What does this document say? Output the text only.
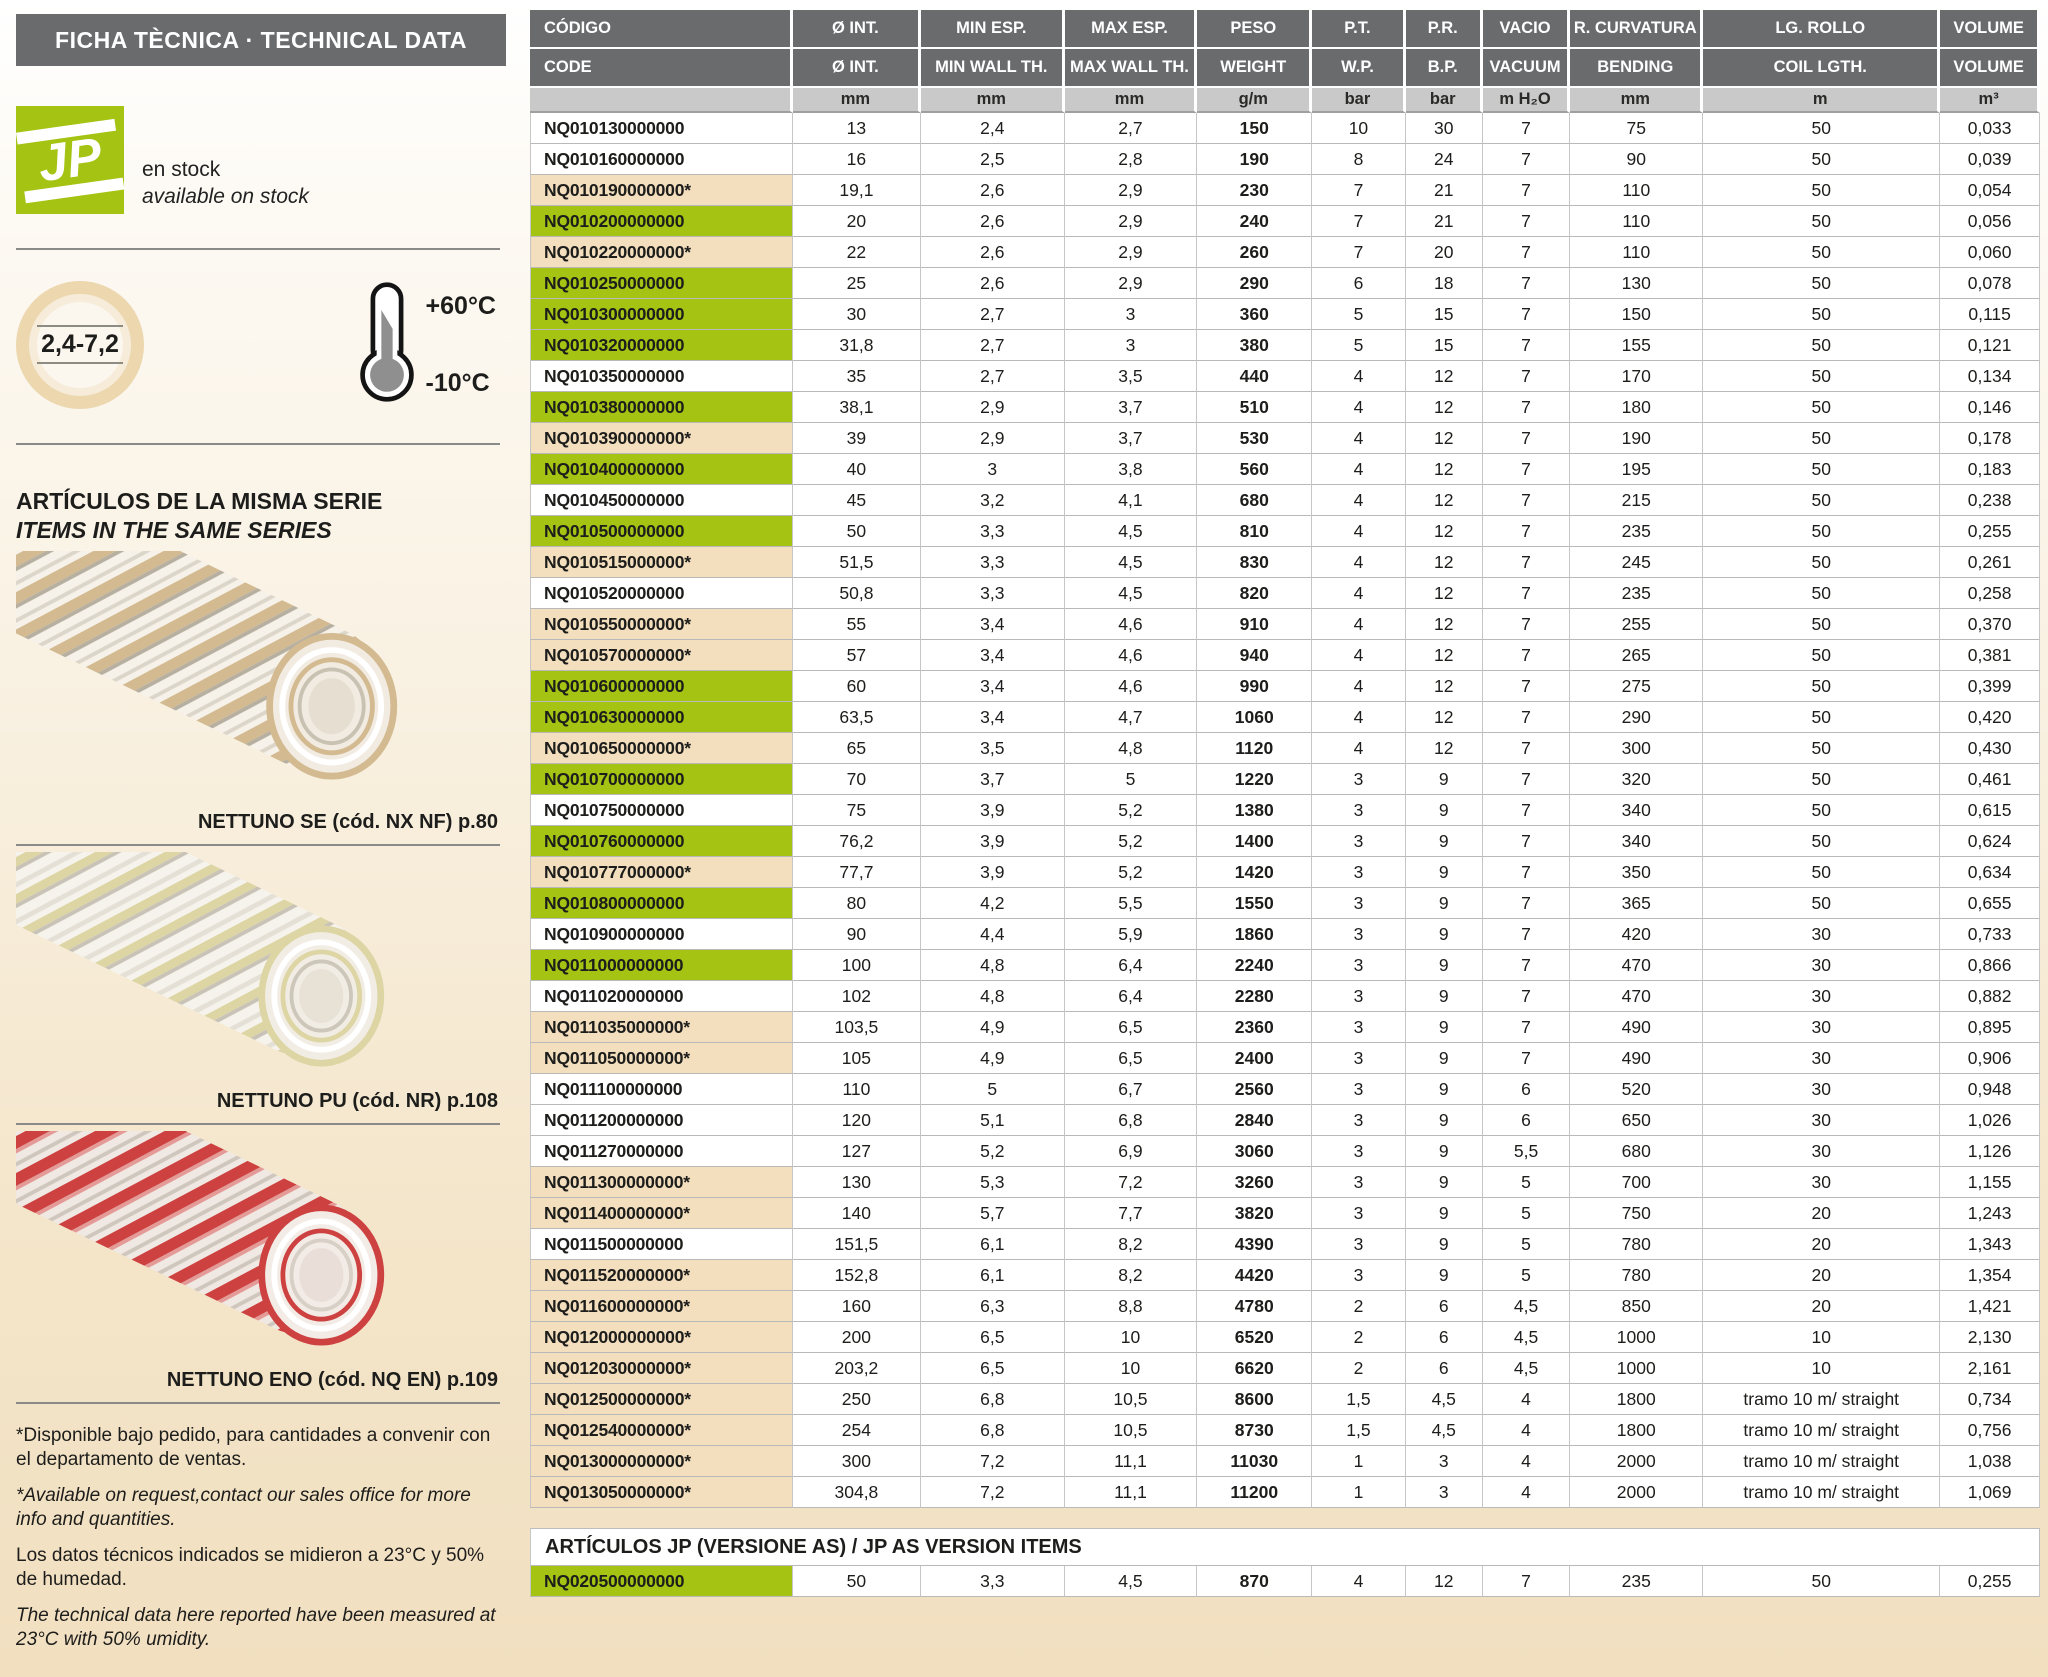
FICHA TÈCNICA · TECHNICAL DATA
JP en stock
available on stock
2,4-7,2
+60°C
-10°C
ARTÍCULOS DE LA MISMA SERIE
ITEMS IN THE SAME SERIES
NETTUNO SE (cód. NX NF) p.80
NETTUNO PU (cód. NR) p.108
NETTUNO ENO (cód. NQ EN) p.109

*Disponible bajo pedido, para cantidades a convenir con el departamento de ventas.

*Available on request,contact our sales office for more info and quantities.

Los datos técnicos indicados se midieron a 23°C y 50% de humedad.

The technical data here reported have been measured at 23°C with 50% umidity.

CÓDIGO	Ø INT.	MIN ESP.	MAX ESP.	PESO	P.T.	P.R.	VACIO	R. CURVATURA	LG. ROLLO	VOLUME
CODE	Ø INT.	MIN WALL TH.	MAX WALL TH.	WEIGHT	W.P.	B.P.	VACUUM	BENDING	COIL LGTH.	VOLUME
	mm	mm	mm	g/m	bar	bar	m H₂O	mm	m	m³
NQ010130000000	13	2,4	2,7	150	10	30	7	75	50	0,033
NQ010160000000	16	2,5	2,8	190	8	24	7	90	50	0,039
NQ010190000000*	19,1	2,6	2,9	230	7	21	7	110	50	0,054
NQ010200000000	20	2,6	2,9	240	7	21	7	110	50	0,056
NQ010220000000*	22	2,6	2,9	260	7	20	7	110	50	0,060
NQ010250000000	25	2,6	2,9	290	6	18	7	130	50	0,078
NQ010300000000	30	2,7	3	360	5	15	7	150	50	0,115
NQ010320000000	31,8	2,7	3	380	5	15	7	155	50	0,121
NQ010350000000	35	2,7	3,5	440	4	12	7	170	50	0,134
NQ010380000000	38,1	2,9	3,7	510	4	12	7	180	50	0,146
NQ010390000000*	39	2,9	3,7	530	4	12	7	190	50	0,178
NQ010400000000	40	3	3,8	560	4	12	7	195	50	0,183
NQ010450000000	45	3,2	4,1	680	4	12	7	215	50	0,238
NQ010500000000	50	3,3	4,5	810	4	12	7	235	50	0,255
NQ010515000000*	51,5	3,3	4,5	830	4	12	7	245	50	0,261
NQ010520000000	50,8	3,3	4,5	820	4	12	7	235	50	0,258
NQ010550000000*	55	3,4	4,6	910	4	12	7	255	50	0,370
NQ010570000000*	57	3,4	4,6	940	4	12	7	265	50	0,381
NQ010600000000	60	3,4	4,6	990	4	12	7	275	50	0,399
NQ010630000000	63,5	3,4	4,7	1060	4	12	7	290	50	0,420
NQ010650000000*	65	3,5	4,8	1120	4	12	7	300	50	0,430
NQ010700000000	70	3,7	5	1220	3	9	7	320	50	0,461
NQ010750000000	75	3,9	5,2	1380	3	9	7	340	50	0,615
NQ010760000000	76,2	3,9	5,2	1400	3	9	7	340	50	0,624
NQ010777000000*	77,7	3,9	5,2	1420	3	9	7	350	50	0,634
NQ010800000000	80	4,2	5,5	1550	3	9	7	365	50	0,655
NQ010900000000	90	4,4	5,9	1860	3	9	7	420	30	0,733
NQ011000000000	100	4,8	6,4	2240	3	9	7	470	30	0,866
NQ011020000000	102	4,8	6,4	2280	3	9	7	470	30	0,882
NQ011035000000*	103,5	4,9	6,5	2360	3	9	7	490	30	0,895
NQ011050000000*	105	4,9	6,5	2400	3	9	7	490	30	0,906
NQ011100000000	110	5	6,7	2560	3	9	6	520	30	0,948
NQ011200000000	120	5,1	6,8	2840	3	9	6	650	30	1,026
NQ011270000000	127	5,2	6,9	3060	3	9	5,5	680	30	1,126
NQ011300000000*	130	5,3	7,2	3260	3	9	5	700	30	1,155
NQ011400000000*	140	5,7	7,7	3820	3	9	5	750	20	1,243
NQ011500000000	151,5	6,1	8,2	4390	3	9	5	780	20	1,343
NQ011520000000*	152,8	6,1	8,2	4420	3	9	5	780	20	1,354
NQ011600000000*	160	6,3	8,8	4780	2	6	4,5	850	20	1,421
NQ012000000000*	200	6,5	10	6520	2	6	4,5	1000	10	2,130
NQ012030000000*	203,2	6,5	10	6620	2	6	4,5	1000	10	2,161
NQ012500000000*	250	6,8	10,5	8600	1,5	4,5	4	1800	tramo 10 m/ straight	0,734
NQ012540000000*	254	6,8	10,5	8730	1,5	4,5	4	1800	tramo 10 m/ straight	0,756
NQ013000000000*	300	7,2	11,1	11030	1	3	4	2000	tramo 10 m/ straight	1,038
NQ013050000000*	304,8	7,2	11,1	11200	1	3	4	2000	tramo 10 m/ straight	1,069
ARTÍCULOS JP (VERSIONE AS) / JP AS VERSION ITEMS
NQ020500000000	50	3,3	4,5	870	4	12	7	235	50	0,255
